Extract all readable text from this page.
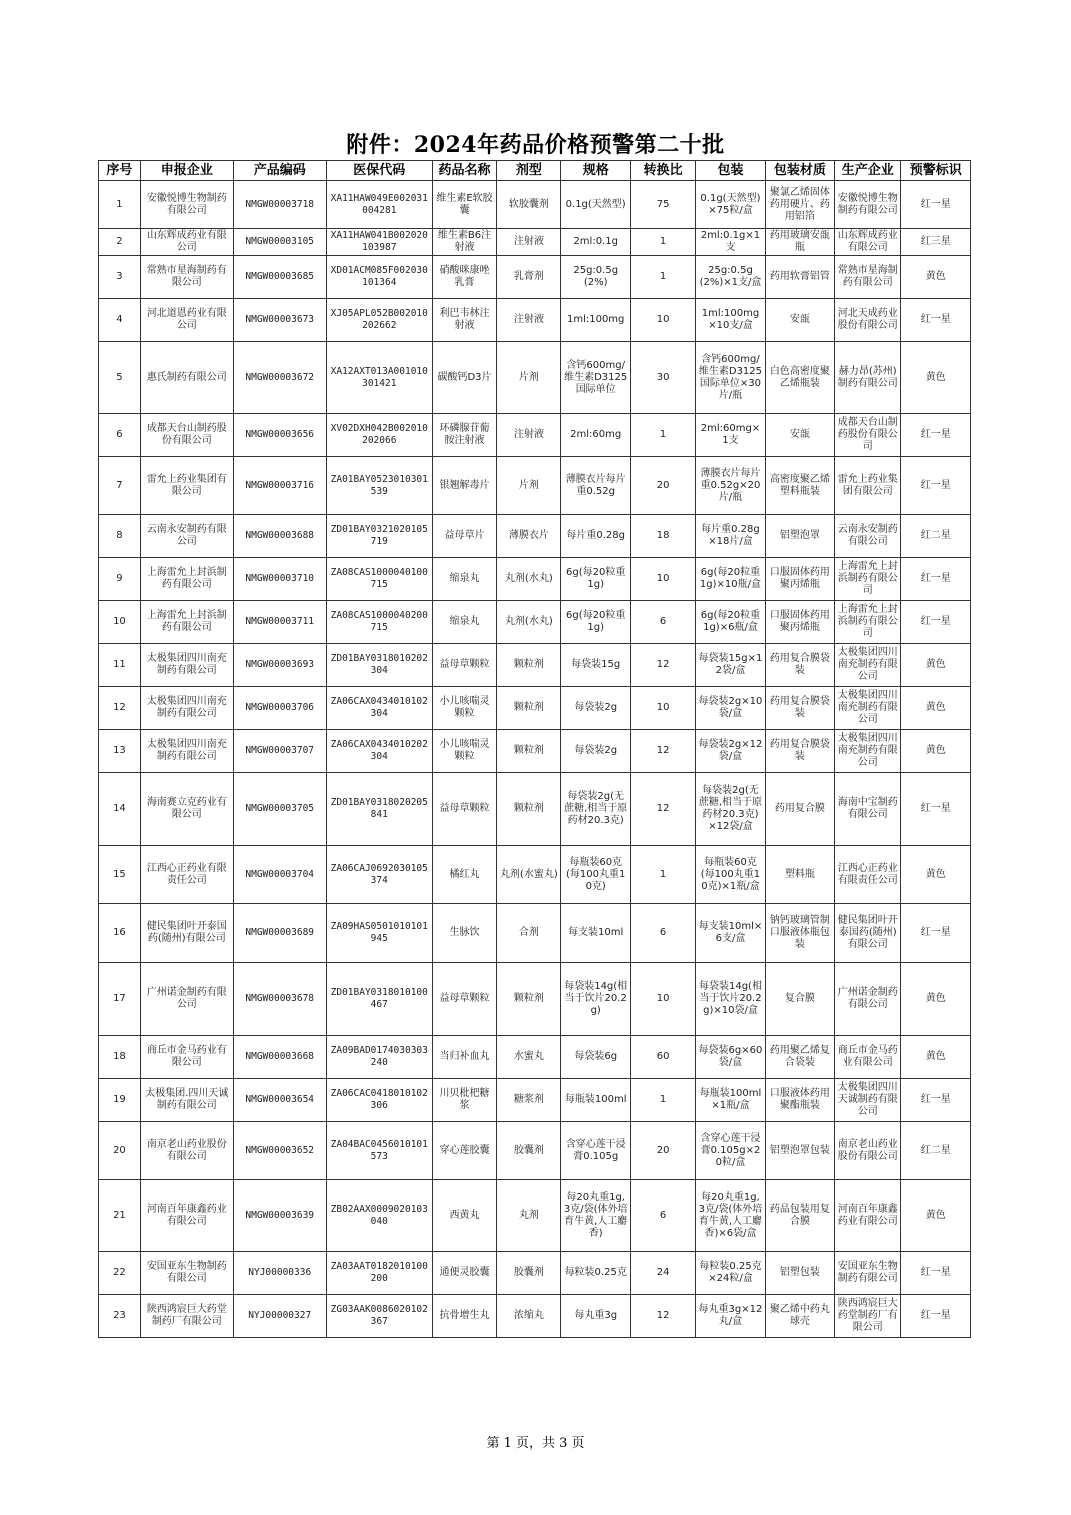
附件：2024年药品价格预警第二十批
序号	申报企业	产品编码	医保代码	药品名称	剂型	规格	转换比	包装	包装材质	生产企业	预警标识
1	安徽悦博生物制药有限公司	NMGW00003718	XA11HAW049E002031004281	维生素E软胶囊	软胶囊剂	0.1g(天然型)	75	0.1g(天然型)×75粒/盒	聚氯乙烯固体药用硬片、药用铝箔	安徽悦博生物制药有限公司	红一星
2	山东辉成药业有限公司	NMGW00003105	XA11HAW041B002020103987	维生素B6注射液	注射液	2ml:0.1g	1	2ml:0.1g×1支	药用玻璃安瓿瓶	山东辉成药业有限公司	红三星
3	常熟市星海制药有限公司	NMGW00003685	XD01ACM085F002030101364	硝酸咪康唑乳膏	乳膏剂	25g:0.5g(2%)	1	25g:0.5g(2%)×1支/盒	药用软膏铝管	常熟市星海制药有限公司	黄色
4	河北道恩药业有限公司	NMGW00003673	XJ05APL052B002010202662	利巴韦林注射液	注射液	1ml:100mg	10	1ml:100mg×10支/盒	安瓿	河北天成药业股份有限公司	红一星
5	惠氏制药有限公司	NMGW00003672	XA12AXT013A001010301421	碳酸钙D3片	片剂	含钙600mg/维生素D3125国际单位	30	含钙600mg/维生素D3125国际单位×30片/瓶	白色高密度聚乙烯瓶装	赫力昂(苏州)制药有限公司	黄色
6	成都天台山制药股份有限公司	NMGW00003656	XV02DXH042B002010202066	环磷腺苷葡胺注射液	注射液	2ml:60mg	1	2ml:60mg×1支	安瓿	成都天台山制药股份有限公司	红一星
7	雷允上药业集团有限公司	NMGW00003716	ZA01BAY0523010301539	银翘解毒片	片剂	薄膜衣片每片重0.52g	20	薄膜衣片每片重0.52g×20片/瓶	高密度聚乙烯塑料瓶装	雷允上药业集团有限公司	红一星
8	云南永安制药有限公司	NMGW00003688	ZD01BAY0321020105719	益母草片	薄膜衣片	每片重0.28g	18	每片重0.28g×18片/盒	铝塑泡罩	云南永安制药有限公司	红二星
9	上海雷允上封浜制药有限公司	NMGW00003710	ZA08CAS1000040100715	缩泉丸	丸剂(水丸)	6g(每20粒重1g)	10	6g(每20粒重1g)×10瓶/盒	口服固体药用聚丙烯瓶	上海雷允上封浜制药有限公司	红一星
10	上海雷允上封浜制药有限公司	NMGW00003711	ZA08CAS1000040200715	缩泉丸	丸剂(水丸)	6g(每20粒重1g)	6	6g(每20粒重1g)×6瓶/盒	口服固体药用聚丙烯瓶	上海雷允上封浜制药有限公司	红一星
11	太极集团四川南充制药有限公司	NMGW00003693	ZD01BAY0318010202304	益母草颗粒	颗粒剂	每袋装15g	12	每袋装15g×12袋/盒	药用复合膜袋装	太极集团四川南充制药有限公司	黄色
12	太极集团四川南充制药有限公司	NMGW00003706	ZA06CAX0434010102304	小儿咳喘灵颗粒	颗粒剂	每袋装2g	10	每袋装2g×10袋/盒	药用复合膜袋装	太极集团四川南充制药有限公司	黄色
13	太极集团四川南充制药有限公司	NMGW00003707	ZA06CAX0434010202304	小儿咳喘灵颗粒	颗粒剂	每袋装2g	12	每袋装2g×12袋/盒	药用复合膜袋装	太极集团四川南充制药有限公司	黄色
14	海南赛立克药业有限公司	NMGW00003705	ZD01BAY0318020205841	益母草颗粒	颗粒剂	每袋装2g(无蔗糖,相当于原药材20.3克)	12	每袋装2g(无蔗糖,相当于原药材20.3克)×12袋/盒	药用复合膜	海南中宝制药有限公司	红一星
15	江西心正药业有限责任公司	NMGW00003704	ZA06CAJ0692030105374	橘红丸	丸剂(水蜜丸)	每瓶装60克(每100丸重10克)	1	每瓶装60克(每100丸重10克)×1瓶/盒	塑料瓶	江西心正药业有限责任公司	黄色
16	健民集团叶开泰国药(随州)有限公司	NMGW00003689	ZA09HAS0501010101945	生脉饮	合剂	每支装10ml	6	每支装10ml×6支/盒	钠钙玻璃管制口服液体瓶包装	健民集团叶开泰国药(随州)有限公司	红一星
17	广州诺金制药有限公司	NMGW00003678	ZD01BAY0318010100467	益母草颗粒	颗粒剂	每袋装14g(相当于饮片20.2g)	10	每袋装14g(相当于饮片20.2g)×10袋/盒	复合膜	广州诺金制药有限公司	黄色
18	商丘市金马药业有限公司	NMGW00003668	ZA09BAD0174030303240	当归补血丸	水蜜丸	每袋装6g	60	每袋装6g×60袋/盒	药用聚乙烯复合袋装	商丘市金马药业有限公司	黄色
19	太极集团.四川天诚制药有限公司	NMGW00003654	ZA06CAC0418010102306	川贝枇杷糖浆	糖浆剂	每瓶装100ml	1	每瓶装100ml×1瓶/盒	口服液体药用聚酯瓶装	太极集团四川天诚制药有限公司	红一星
20	南京老山药业股份有限公司	NMGW00003652	ZA04BAC0456010101573	穿心莲胶囊	胶囊剂	含穿心莲干浸膏0.105g	20	含穿心莲干浸膏0.105g×20粒/盒	铝塑泡罩包装	南京老山药业股份有限公司	红二星
21	河南百年康鑫药业有限公司	NMGW00003639	ZB02AAX0009020103040	西黄丸	丸剂	每20丸重1g,3克/袋(体外培育牛黄,人工麝香)	6	每20丸重1g,3克/袋(体外培育牛黄,人工麝香)×6袋/盒	药品包装用复合膜	河南百年康鑫药业有限公司	黄色
22	安国亚东生物制药有限公司	NYJ00000336	ZA03AAT0182010100200	通便灵胶囊	胶囊剂	每粒装0.25克	24	每粒装0.25克×24粒/盒	铝塑包装	安国亚东生物制药有限公司	红一星
23	陕西鸿宸巨大药堂制药厂有限公司	NYJ00000327	ZG03AAK0086020102367	抗骨增生丸	浓缩丸	每丸重3g	12	每丸重3g×12丸/盒	聚乙烯中药丸球壳	陕西鸿宸巨大药堂制药厂有限公司	红一星
第 1 页，共 3 页
